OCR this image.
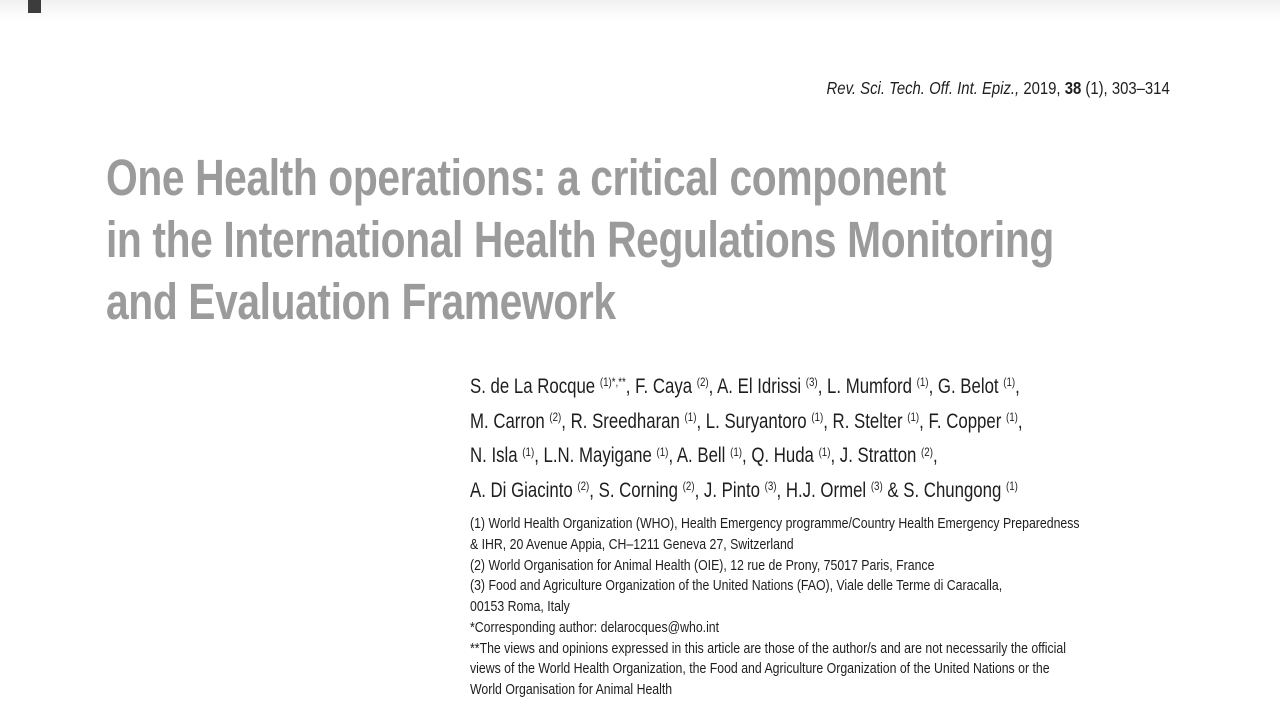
Rev. Sci. Tech. Off. Int. Epiz., 2019, 38 (1), 303–314
One Health operations: a critical component
in the International Health Regulations Monitoring
and Evaluation Framework
S. de La Rocque $^{(1)*,**}$, F. Caya $^{(2)}$, A. El Idrissi $^{(3)}$, L. Mumford $^{(1)}$, G. Belot $^{(1)}$,
M. Carron $^{(2)}$, R. Sreedharan $^{(1)}$, L. Suryantoro $^{(1)}$, R. Stelter $^{(1)}$, F. Copper $^{(1)}$,
N. Isla $^{(1)}$, L.N. Mayigane $^{(1)}$, A. Bell $^{(1)}$, Q. Huda $^{(1)}$, J. Stratton $^{(2)}$,
A. Di Giacinto $^{(2)}$, S. Corning $^{(2)}$, J. Pinto $^{(3)}$, H.J. Ormel $^{(3)}$ & S. Chungong $^{(1)}$
(1) World Health Organization (WHO), Health Emergency programme/Country Health Emergency Preparedness
& IHR, 20 Avenue Appia, CH–1211 Geneva 27, Switzerland
(2) World Organisation for Animal Health (OIE), 12 rue de Prony, 75017 Paris, France
(3) Food and Agriculture Organization of the United Nations (FAO), Viale delle Terme di Caracalla,
00153 Roma, Italy
*Corresponding author: delarocques@who.int
**The views and opinions expressed in this article are those of the author/s and are not necessarily the official
views of the World Health Organization, the Food and Agriculture Organization of the United Nations or the
World Organisation for Animal Health
